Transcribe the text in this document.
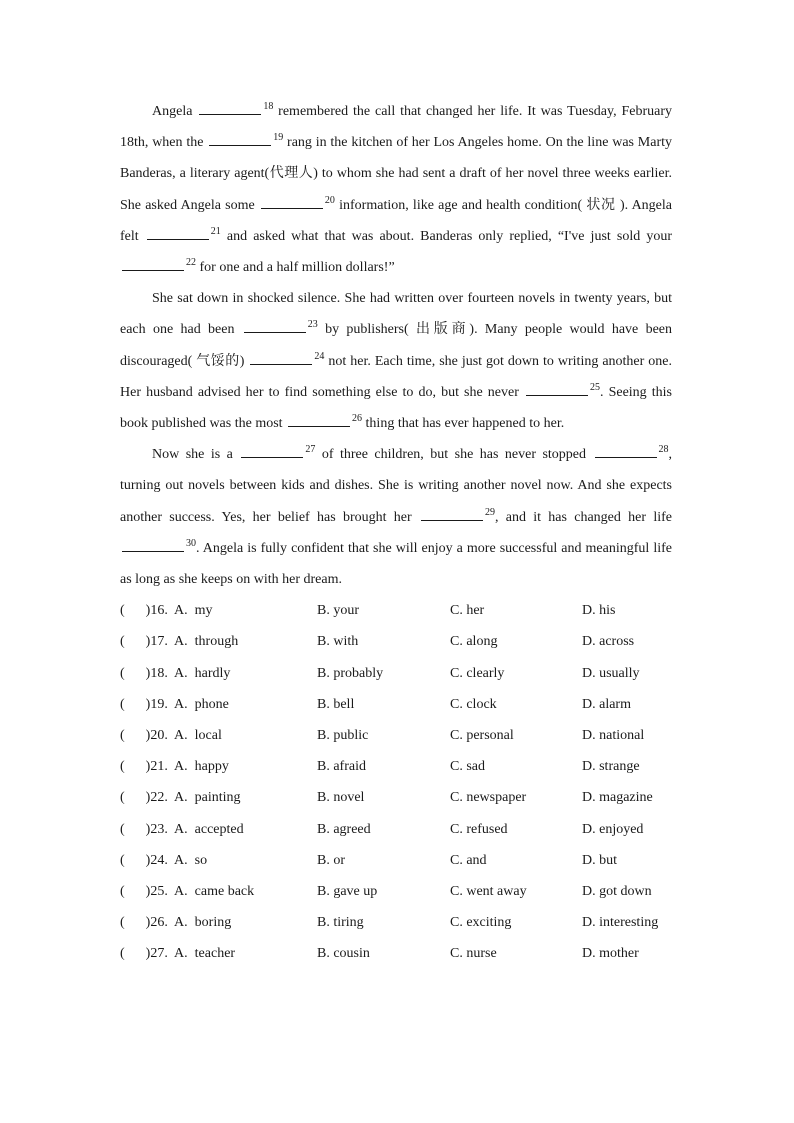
Angela	$^{18}$ remembered the call that changed her life. It was Tuesday, February 18th, when the	$^{19}$ rang in the kitchen of her Los Angeles home. On the line was Marty Banderas, a literary agent(代理人) to whom she had sent a draft of her novel three weeks earlier. She asked Angela some	$^{20}$ information, like age and health condition( 状况 ). Angela felt	$^{21}$ and asked what that was about. Banderas only replied, “I've just sold your $^{22}$ for one and a half million dollars!”

She sat down in shocked silence. She had written over fourteen novels in twenty years, but each one had been	$^{23}$ by publishers( 出版商). Many people would have been discouraged( 气馁的)	$^{24}$ not her. Each time, she just got down to writing another one. Her husband advised her to find something else to do, but she never	$^{25}$. Seeing this book published was the most	$^{26}$ thing that has ever happened to her.

Now she is a	$^{27}$ of three children, but she has never stopped	$^{28}$, turning out novels between kids and dishes. She is writing another novel now. And she expects another success. Yes, her belief has brought her	$^{29}$, and it has changed her life $^{30}$. Angela is fully confident that she will enjoy a more successful and meaningful life as long as she keeps on with her dream.

(      )16.  A.  my	B. your	C. her	D. his
(      )17.  A.  through	B. with	C. along	D. across
(      )18.  A.  hardly	B. probably	C. clearly	D. usually
(      )19.  A.  phone	B. bell	C. clock	D. alarm
(      )20.  A.  local	B. public	C. personal	D. national
(      )21.  A.  happy	B. afraid	C. sad	D. strange
(      )22.  A.  painting	B. novel	C. newspaper	D. magazine
(      )23.  A.  accepted	B. agreed	C. refused	D. enjoyed
(      )24.  A.  so	B. or	C. and	D. but
(      )25.  A.  came back	B. gave up	C. went away	D. got down
(      )26.  A.  boring	B. tiring	C. exciting	D. interesting
(      )27.  A.  teacher	B. cousin	C. nurse	D. mother
